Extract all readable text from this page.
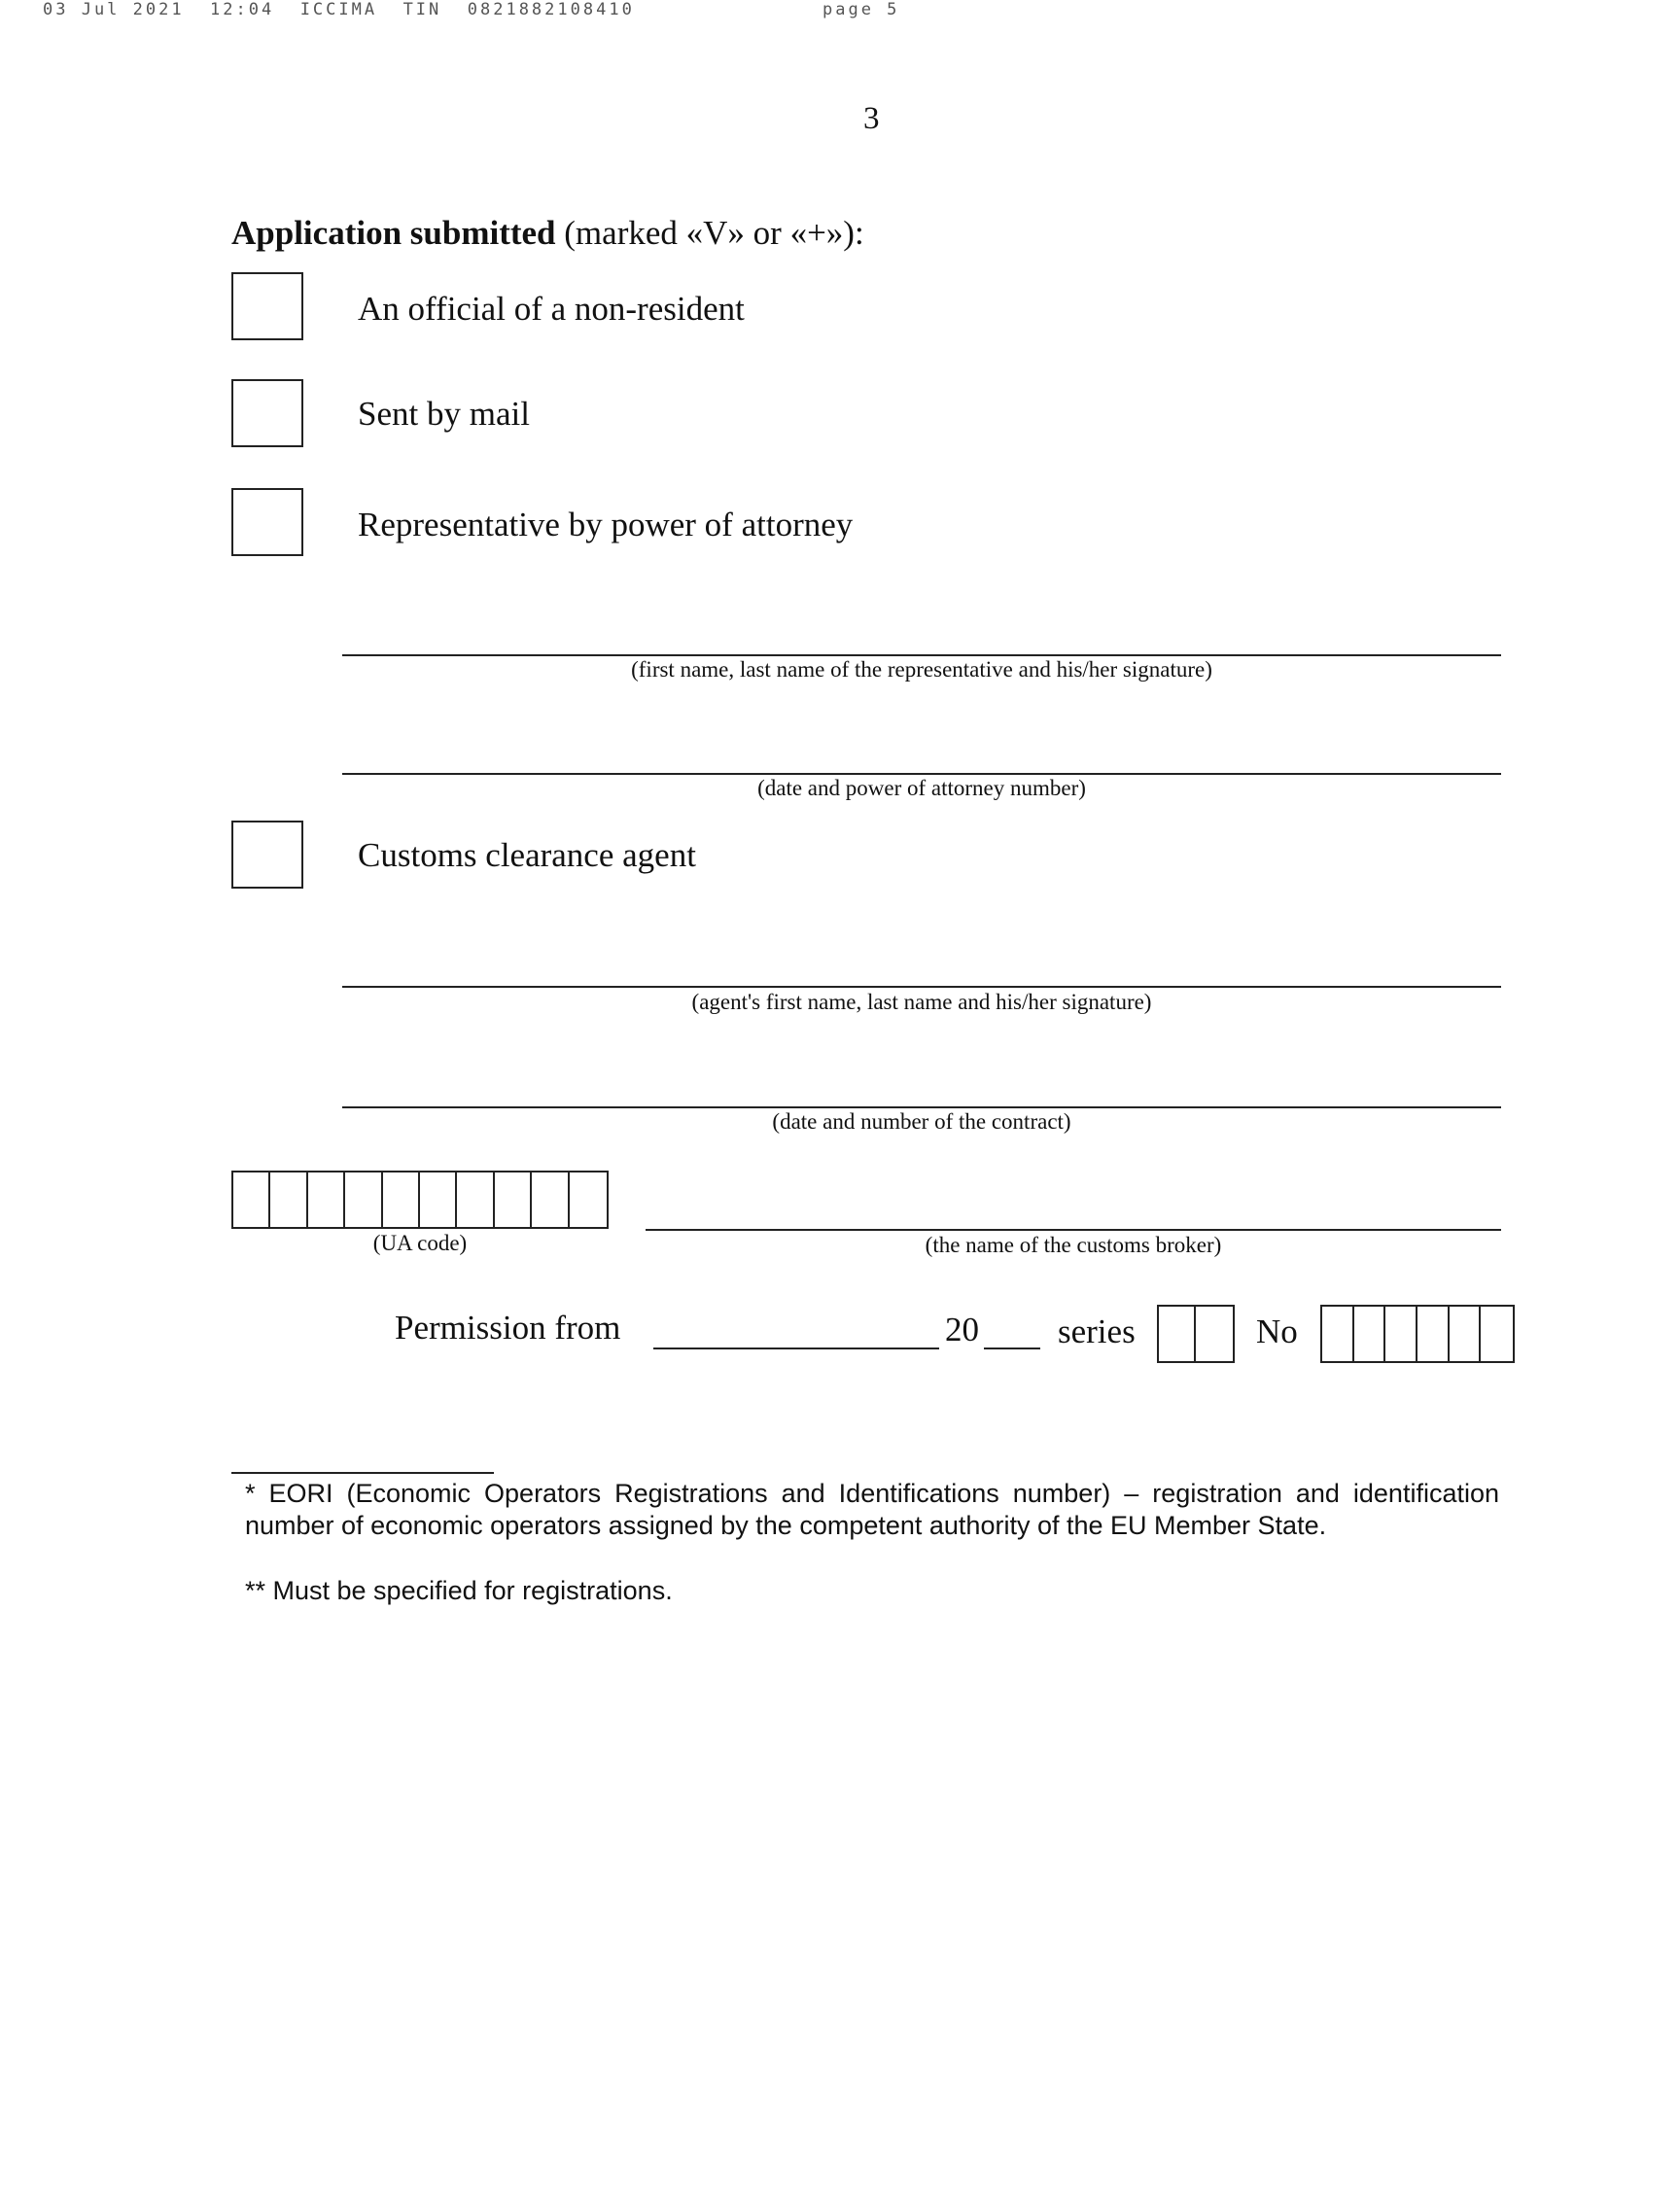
03 Jul 2021  12:04  ICCIMA  TIN  0821882108410	page 5
3
Application submitted (marked «V» or «+»):
An official of a non-resident
Sent by mail
Representative by power of attorney
(first name, last name of the representative and his/her signature)
(date and power of attorney number)
Customs clearance agent
(agent's first name, last name and his/her signature)
(date and number of the contract)
(UA code)	(the name of the customs broker)
Permission from	20 series	No
* EORI (Economic Operators Registrations and Identifications number) – registration and identification number of economic operators assigned by the competent authority of the EU Member State.
** Must be specified for registrations.
